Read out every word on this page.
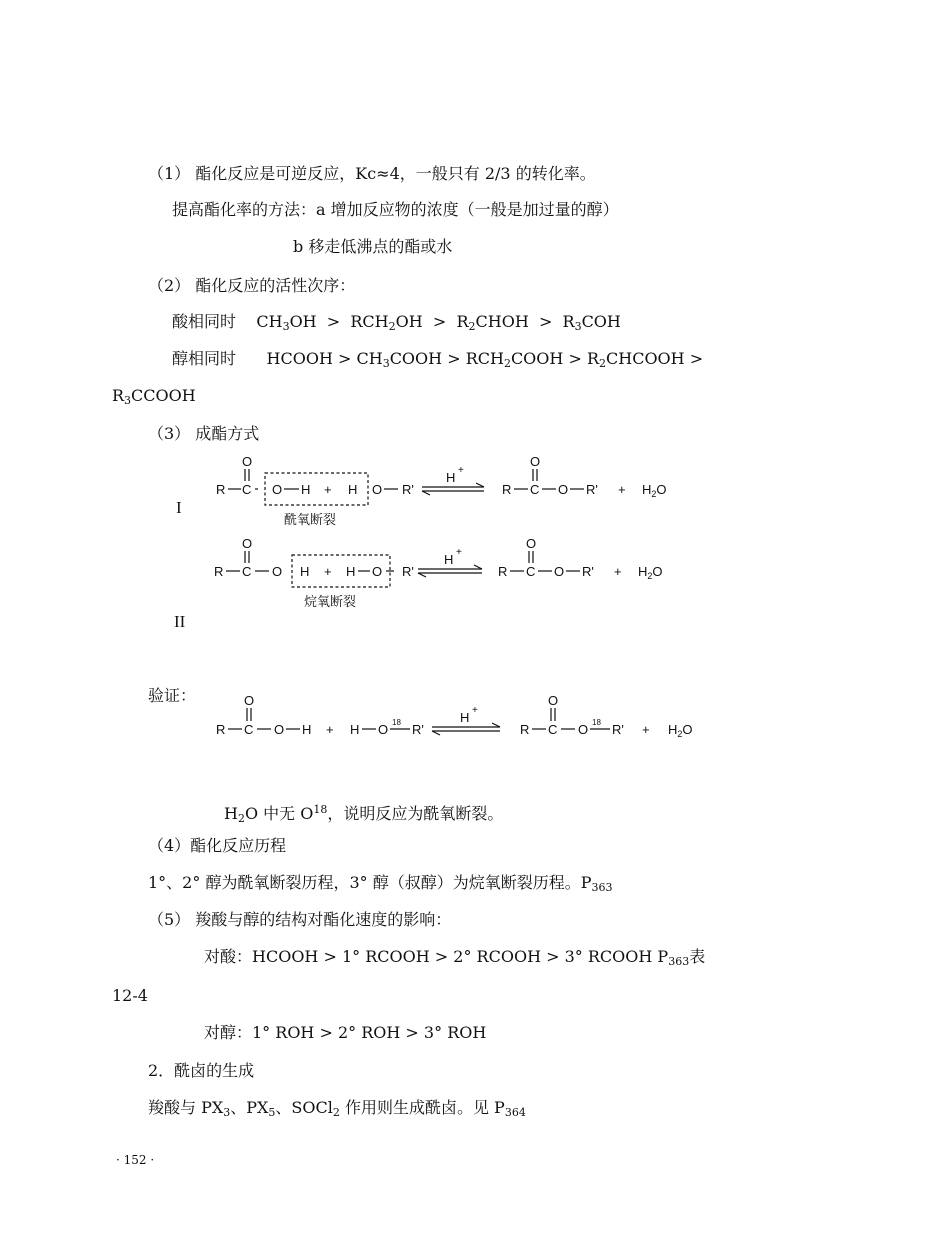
（1） 酯化反应是可逆反应，Kc≈4，一般只有 2/3 的转化率。
提高酯化率的方法：a 增加反应物的浓度（一般是加过量的醇）
b 移走低沸点的酯或水
（2） 酯化反应的活性次序：
酸相同时    $CH_3OH > RCH_2OH$  >  $R_2CHOH > R_3COH$
醇相同时      HCOOH > $CH_3COOH$ > $RCH_2COOH$ > $R_2CHCOOH$ >
$R_3CCOOH$
（3） 成酯方式
I
R C
O
O H + H O R'
H +
R C
O
O $R' + H_2O$
酰氧断裂
R C
O
O H + H O R'
H +
R C
O
O $R' + H_2O$
烷氧断裂
II
验证：
R C
O
O H + H O 18 R'
H +
R C
O
O 18 $R' + H_2O$
$H_2O$ 中无 $O^{18}$，说明反应为酰氧断裂。
（4）酯化反应历程
1°、2° 醇为酰氧断裂历程，3° 醇（叔醇）为烷氧断裂历程。$P_{363}$
（5） 羧酸与醇的结构对酯化速度的影响：
对酸：HCOOH > 1° RCOOH > 2° RCOOH > 3° RCOOH $P_{363}$表
12-4
对醇：1° ROH > 2° ROH > 3° ROH
2．酰卤的生成
羧酸与 $PX_3$、$PX_5$、SOCl$_2$ 作用则生成酰卤。见 $P_{364}$
· 152 ·
